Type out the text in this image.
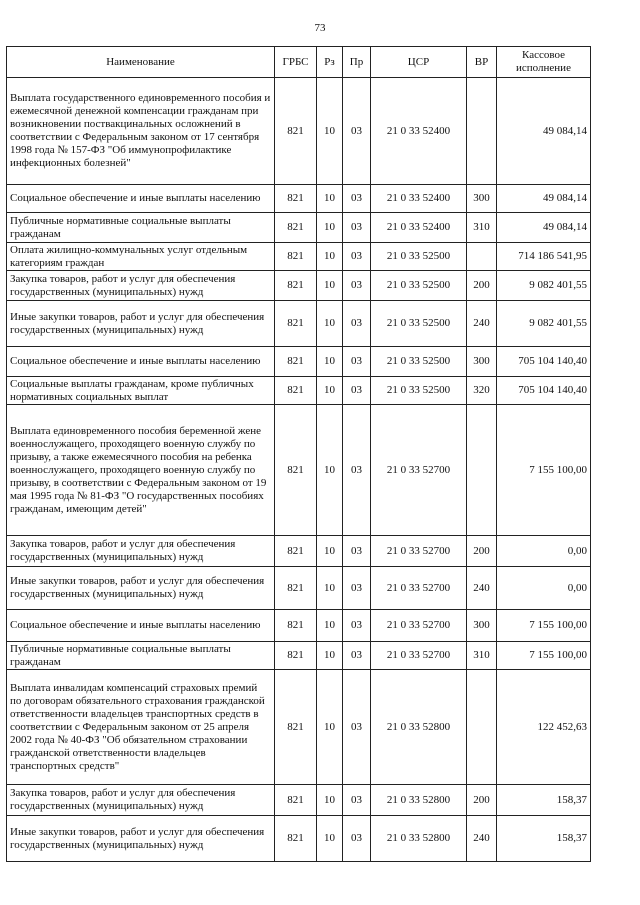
73
Наименование	ГРБС	Рз	Пр	ЦСР	ВР	Кассовое исполнение
Выплата государственного единовременного пособия и ежемесячной денежной компенсации гражданам при возникновении поствакцинальных осложнений в соответствии с Федеральным законом от 17 сентября 1998 года № 157-ФЗ "Об иммунопрофилактике инфекционных болезней"	821	10	03	21 0 33 52400		49 084,14
Социальное обеспечение и иные выплаты населению	821	10	03	21 0 33 52400	300	49 084,14
Публичные нормативные социальные выплаты гражданам	821	10	03	21 0 33 52400	310	49 084,14
Оплата жилищно-коммунальных услуг отдельным категориям граждан	821	10	03	21 0 33 52500		714 186 541,95
Закупка товаров, работ и услуг для обеспечения государственных (муниципальных) нужд	821	10	03	21 0 33 52500	200	9 082 401,55
Иные закупки товаров, работ и услуг для обеспечения государственных (муниципальных) нужд	821	10	03	21 0 33 52500	240	9 082 401,55
Социальное обеспечение и иные выплаты населению	821	10	03	21 0 33 52500	300	705 104 140,40
Социальные выплаты гражданам, кроме публичных нормативных социальных выплат	821	10	03	21 0 33 52500	320	705 104 140,40
Выплата единовременного пособия беременной жене военнослужащего, проходящего военную службу по призыву, а также ежемесячного пособия на ребенка военнослужащего, проходящего военную службу по призыву, в соответствии с Федеральным законом от 19 мая 1995 года № 81-ФЗ "О государственных пособиях гражданам, имеющим детей"	821	10	03	21 0 33 52700		7 155 100,00
Закупка товаров, работ и услуг для обеспечения государственных (муниципальных) нужд	821	10	03	21 0 33 52700	200	0,00
Иные закупки товаров, работ и услуг для обеспечения государственных (муниципальных) нужд	821	10	03	21 0 33 52700	240	0,00
Социальное обеспечение и иные выплаты населению	821	10	03	21 0 33 52700	300	7 155 100,00
Публичные нормативные социальные выплаты гражданам	821	10	03	21 0 33 52700	310	7 155 100,00
Выплата инвалидам компенсаций страховых премий по договорам обязательного страхования гражданской ответственности владельцев транспортных средств в соответствии с Федеральным законом от 25 апреля 2002 года № 40-ФЗ "Об обязательном страховании гражданской ответственности владельцев транспортных средств"	821	10	03	21 0 33 52800		122 452,63
Закупка товаров, работ и услуг для обеспечения государственных (муниципальных) нужд	821	10	03	21 0 33 52800	200	158,37
Иные закупки товаров, работ и услуг для обеспечения государственных (муниципальных) нужд	821	10	03	21 0 33 52800	240	158,37
